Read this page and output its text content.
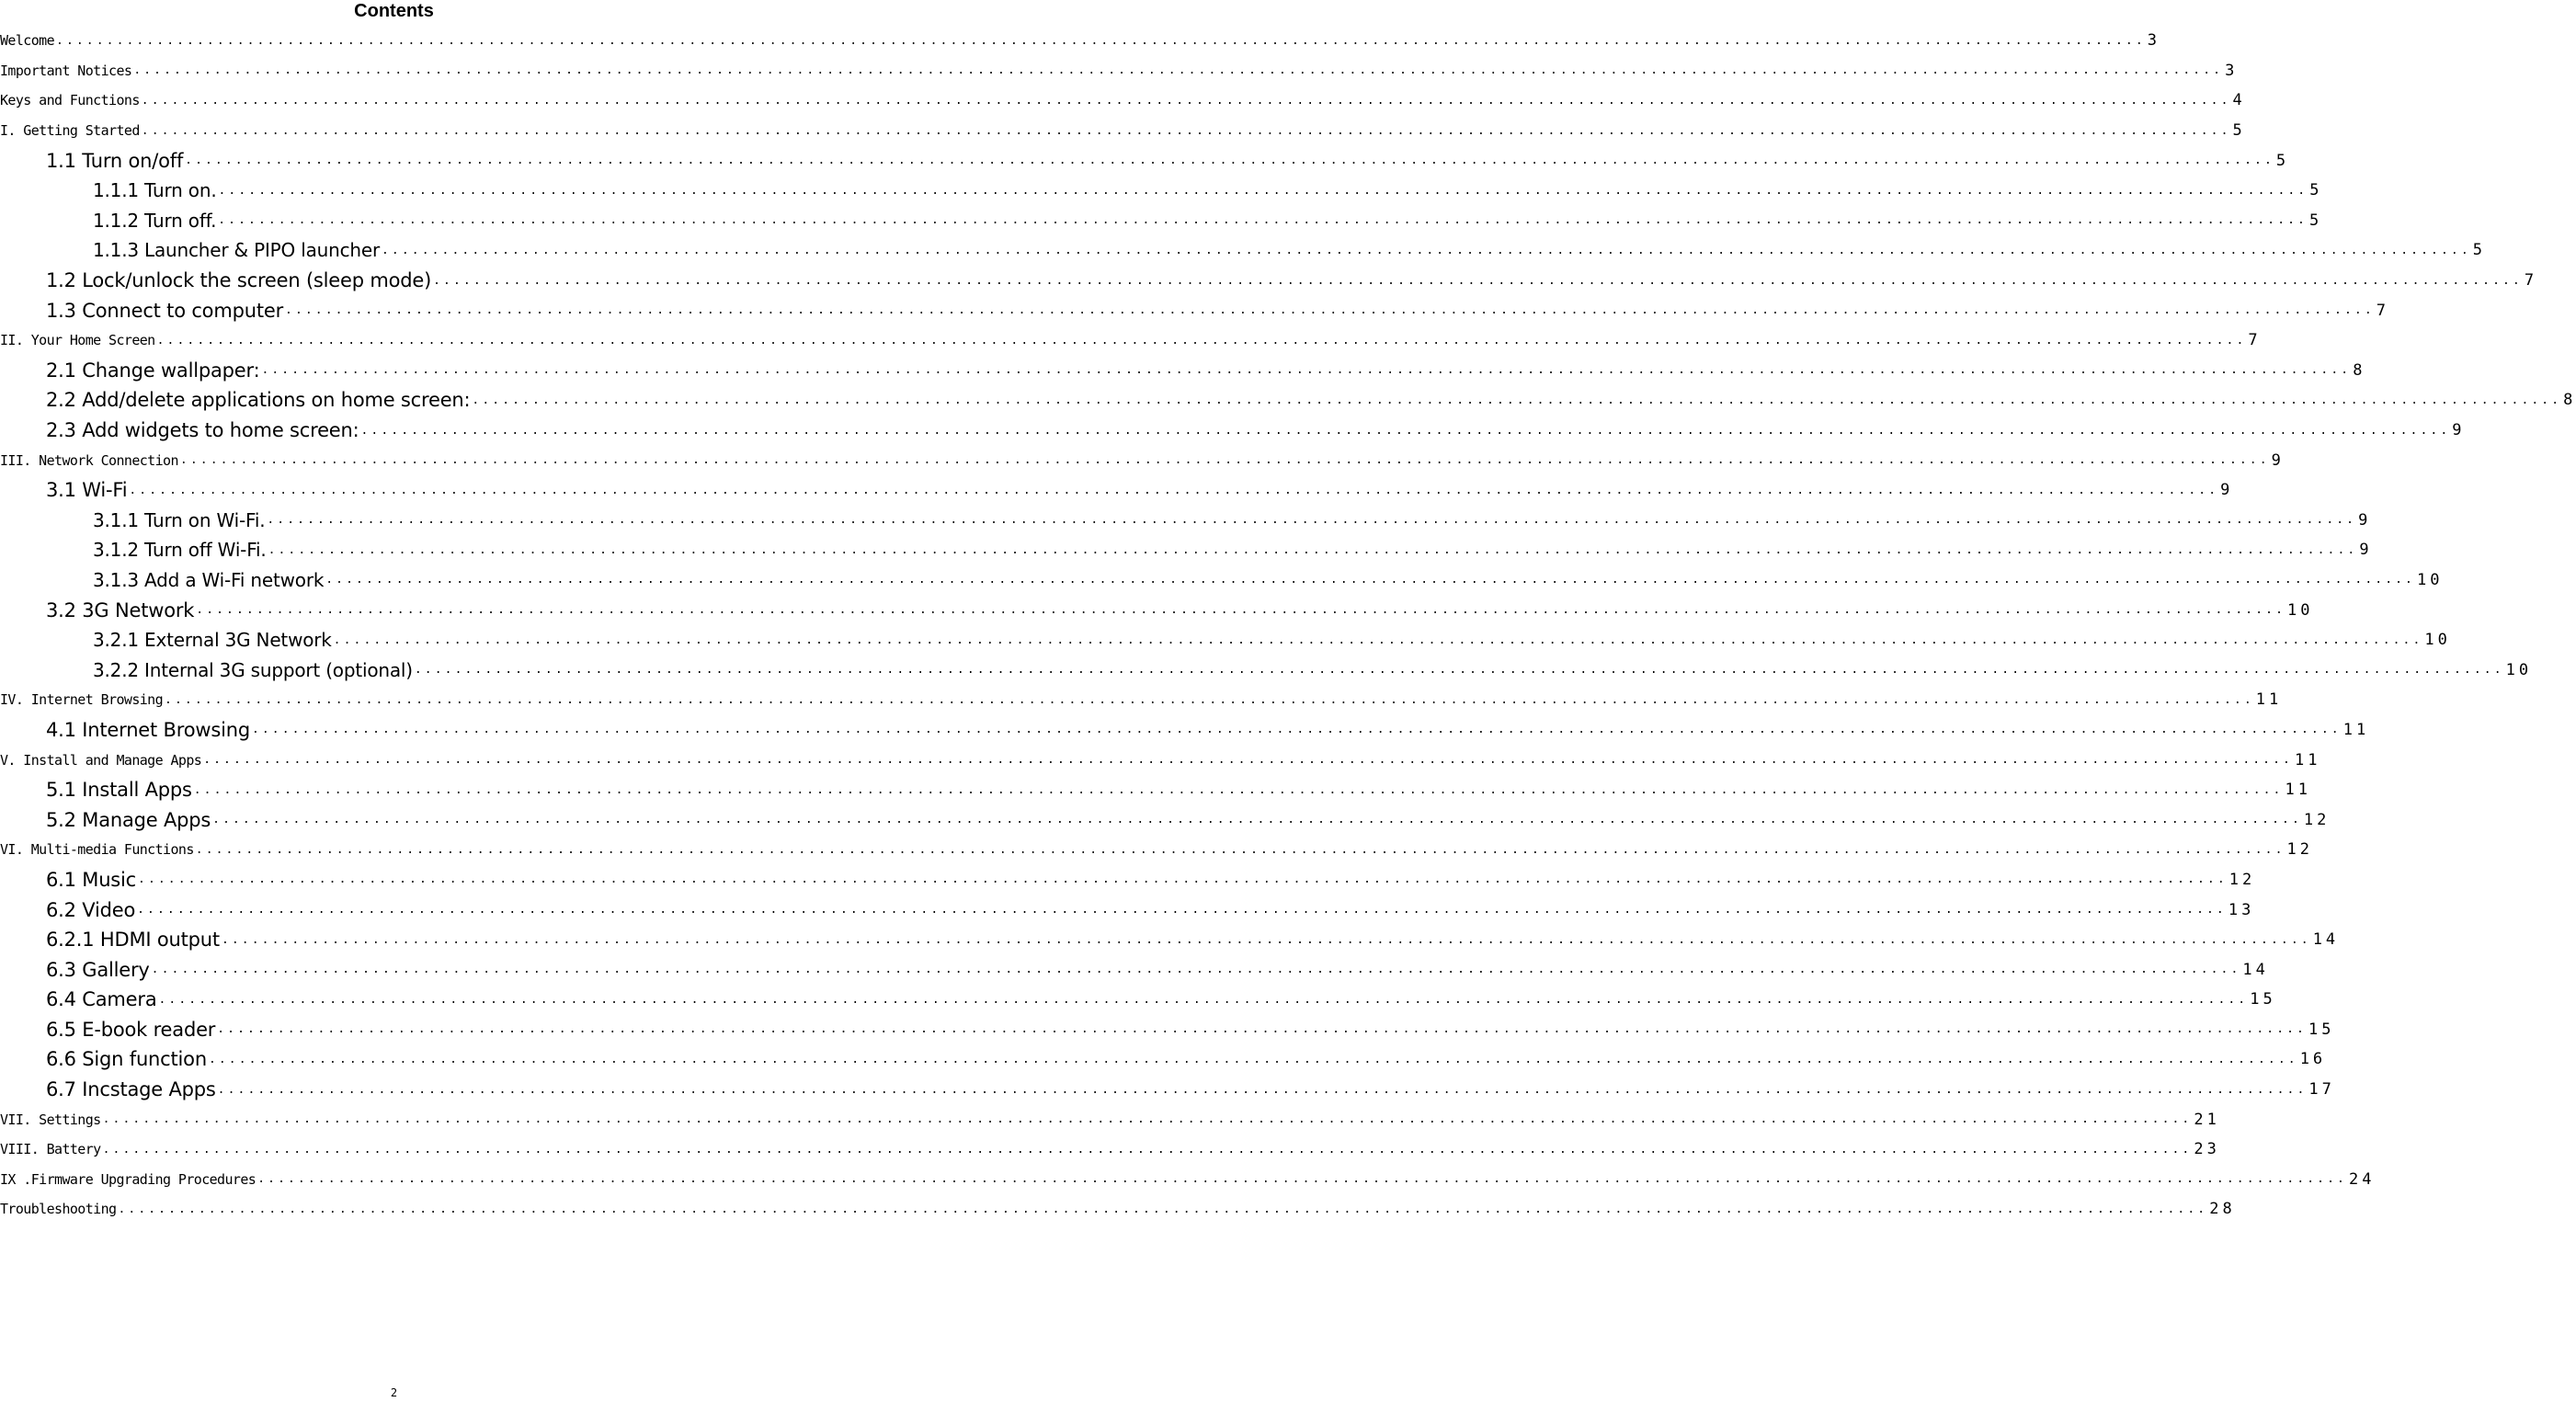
Contents
Welcome .....	3
Important Notices .....	3
Keys and Functions .....	4
I. Getting Started .....	5
1.1 Turn on/off .....	5
1.1.1 Turn on. .....	5
1.1.2 Turn off. .....	5
1.1.3 Launcher & PIPO launcher .....	5
1.2 Lock/unlock the screen (sleep mode) .....	7
1.3 Connect to computer .....	7
II. Your Home Screen .....	7
2.1 Change wallpaper: .....	8
2.2 Add/delete applications on home screen: .....	8
2.3 Add widgets to home screen: .....	9
III. Network Connection .....	9
3.1 Wi-Fi .....	9
3.1.1 Turn on Wi-Fi. .....	9
3.1.2 Turn off Wi-Fi. .....	9
3.1.3 Add a Wi-Fi network .....	10
3.2 3G Network .....	10
3.2.1 External 3G Network .....	10
3.2.2 Internal 3G support (optional) .....	10
IV. Internet Browsing .....	11
4.1 Internet Browsing .....	11
V. Install and Manage Apps .....	11
5.1 Install Apps .....	11
5.2 Manage Apps .....	12
VI. Multi-media Functions .....	12
6.1 Music .....	12
6.2 Video .....	13
6.2.1 HDMI output .....	14
6.3 Gallery .....	14
6.4 Camera .....	15
6.5 E-book reader .....	15
6.6 Sign function .....	16
6.7 Incstage Apps .....	17
VII. Settings .....	21
VIII. Battery .....	23
IX .Firmware Upgrading Procedures .....	24
Troubleshooting .....	28
2
